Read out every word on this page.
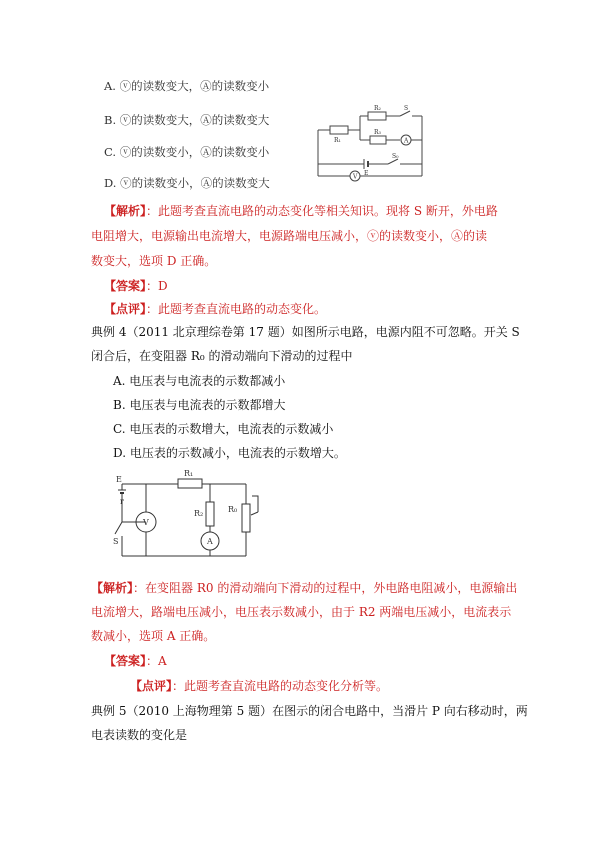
A. ⓥ的读数变大，Ⓐ的读数变小
B. ⓥ的读数变大，Ⓐ的读数变大
C. ⓥ的读数变小，Ⓐ的读数变小
D. ⓥ的读数变小，Ⓐ的读数变大
R₂	S
R₁
R₃
A
E
S₀
V
【解析】：此题考查直流电路的动态变化等相关知识。现将 S 断开，外电路
电阻增大，电源输出电流增大，电源路端电压减小，ⓥ的读数变小，Ⓐ的读
数变大，选项 D 正确。
【答案】：D
【点评】：此题考查直流电路的动态变化。
典例 4（2011 北京理综卷第 17 题）如图所示电路，电源内阻不可忽略。开关 S
闭合后，在变阻器 R₀ 的滑动端向下滑动的过程中
A. 电压表与电流表的示数都减小
B. 电压表与电流表的示数都增大
C. 电压表的示数增大，电流表的示数减小
D. 电压表的示数减小，电流表的示数增大。
E
r
V
S
R₁
R₂
A
R₀
【解析】：在变阻器 R0 的滑动端向下滑动的过程中，外电路电阻减小，电源输出
电流增大，路端电压减小，电压表示数减小，由于 R2 两端电压减小，电流表示
数减小，选项 A 正确。
【答案】：A
【点评】：此题考查直流电路的动态变化分析等。
典例 5（2010 上海物理第 5 题）在图示的闭合电路中，当滑片 P 向右移动时，两
电表读数的变化是
